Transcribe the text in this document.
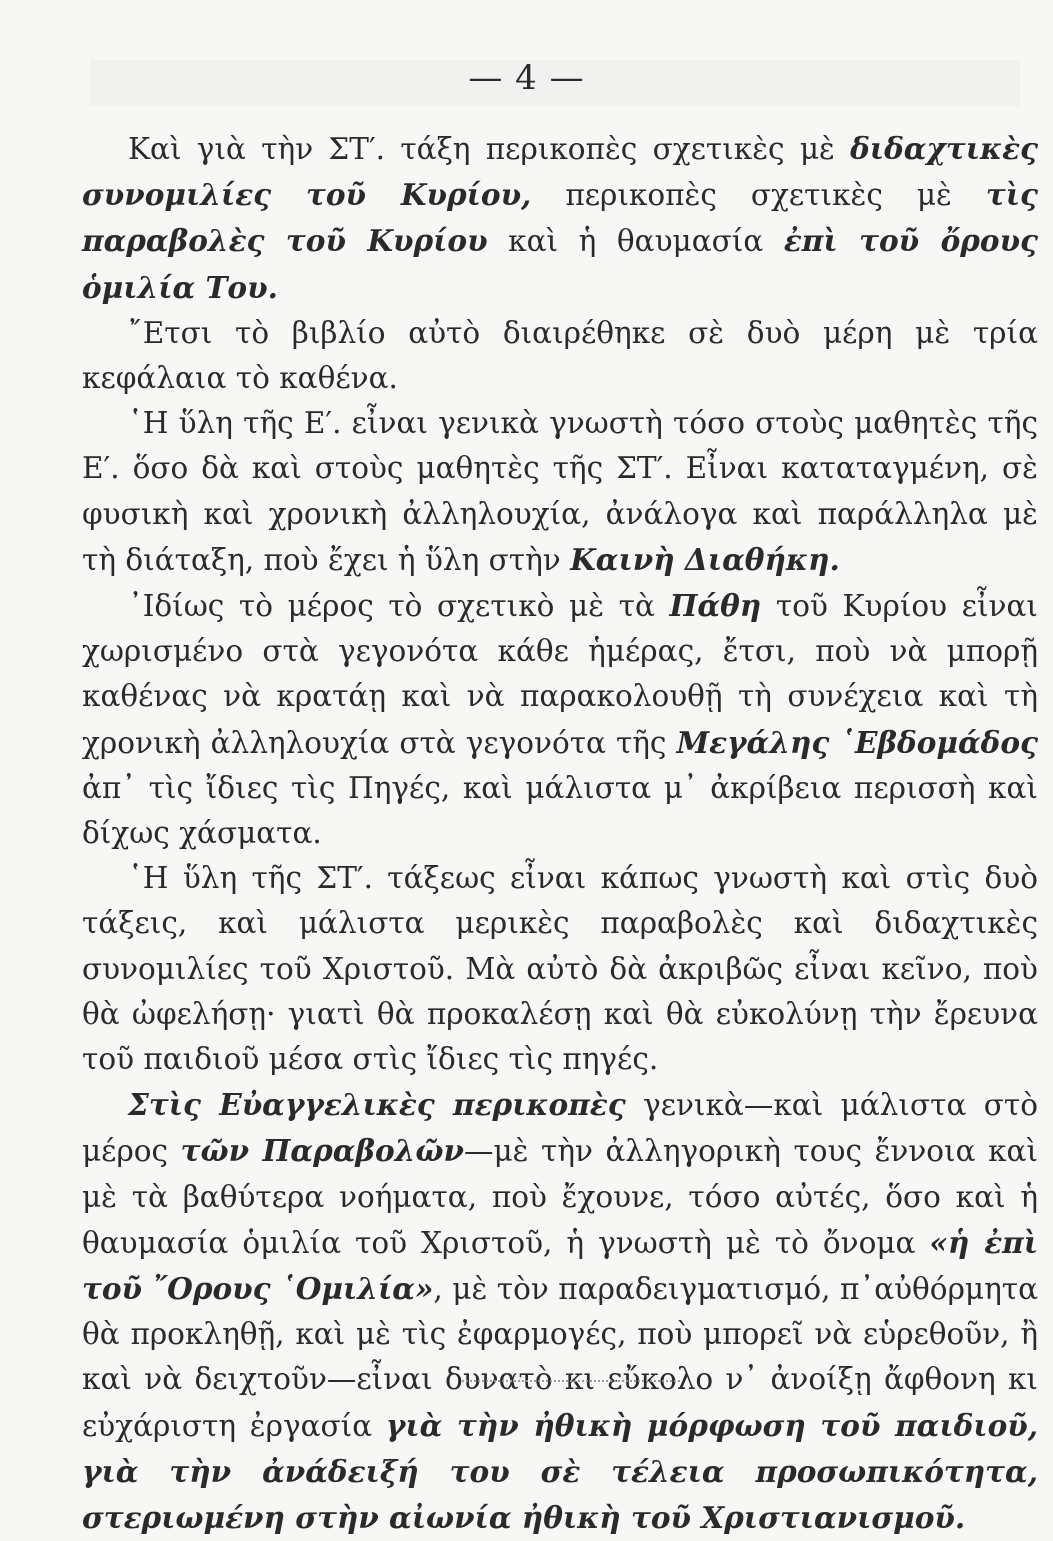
— 4 —

Καὶ γιὰ τὴν ΣΤ′. τάξη περικοπὲς σχετικὲς μὲ διδαχτικὲς συνομιλίες τοῦ Κυρίου, περικοπὲς σχετικὲς μὲ τὶς παραβολὲς τοῦ Κυρίου καὶ ἡ θαυμασία ἐπὶ τοῦ ὄρους ὁμιλία Του.

῎Ετσι τὸ βιβλίο αὐτὸ διαιρέθηκε σὲ δυὸ μέρη μὲ τρία κεφάλαια τὸ καθένα.

῾Η ὕλη τῆς Ε′. εἶναι γενικὰ γνωστὴ τόσο στοὺς μαθητὲς τῆς Ε′. ὅσο δὰ καὶ στοὺς μαθητὲς τῆς ΣΤ′. Εἶναι καταταγμένη, σὲ φυσικὴ καὶ χρονικὴ ἀλληλουχία, ἀνάλογα καὶ παράλληλα μὲ τὴ διάταξη, ποὺ ἔχει ἡ ὕλη στὴν Καινὴ Διαθήκη.

᾽Ιδίως τὸ μέρος τὸ σχετικὸ μὲ τὰ Πάθη τοῦ Κυρίου εἶναι χωρισμένο στὰ γεγονότα κάθε ἡμέρας, ἔτσι, ποὺ νὰ μπορῇ καθένας νὰ κρατάῃ καὶ νὰ παρακολουθῇ τὴ συνέχεια καὶ τὴ χρονικὴ ἀλληλουχία στὰ γεγονότα τῆς Μεγάλης ῾Εβδομάδος ἀπ᾽ τὶς ἴδιες τὶς Πηγές, καὶ μάλιστα μ᾽ ἀκρίβεια περισσὴ καὶ δίχως χάσματα.

῾Η ὕλη τῆς ΣΤ′. τάξεως εἶναι κάπως γνωστὴ καὶ στὶς δυὸ τάξεις, καὶ μάλιστα μερικὲς παραβολὲς καὶ διδαχτικὲς συνομιλίες τοῦ Χριστοῦ. Μὰ αὐτὸ δὰ ἀκριβῶς εἶναι κεῖνο, ποὺ θὰ ὠφελήσῃ· γιατὶ θὰ προκαλέσῃ καὶ θὰ εὐκολύνῃ τὴν ἔρευνα τοῦ παιδιοῦ μέσα στὶς ἴδιες τὶς πηγές.

Στὶς Εὐαγγελικὲς περικοπὲς γενικὰ—καὶ μάλιστα στὸ μέρος τῶν Παραβολῶν—μὲ τὴν ἀλληγορικὴ τους ἔννοια καὶ μὲ τὰ βαθύτερα νοήματα, ποὺ ἔχουνε, τόσο αὐτές, ὅσο καὶ ἡ θαυμασία ὁμιλία τοῦ Χριστοῦ, ἡ γνωστὴ μὲ τὸ ὄνομα «ἡ ἐπὶ τοῦ ῎Ορους ῾Ομιλία», μὲ τὸν παραδειγματισμό, π᾽αὐθόρμητα θὰ προκληθῇ, καὶ μὲ τὶς ἐφαρμογές, ποὺ μπορεῖ νὰ εὑρεθοῦν, ἢ καὶ νὰ δειχτοῦν—εἶναι δυνατὸ κι εὔκολο ν᾽ ἀνοίξῃ ἄφθονη κι εὐχάριστη ἐργασία γιὰ τὴν ἠθικὴ μόρφωση τοῦ παιδιοῦ, γιὰ τὴν ἀνάδειξή του σὲ τέλεια προσωπικότητα, στεριωμένη στὴν αἰωνία ἠθικὴ τοῦ Χριστιανισμοῦ.
